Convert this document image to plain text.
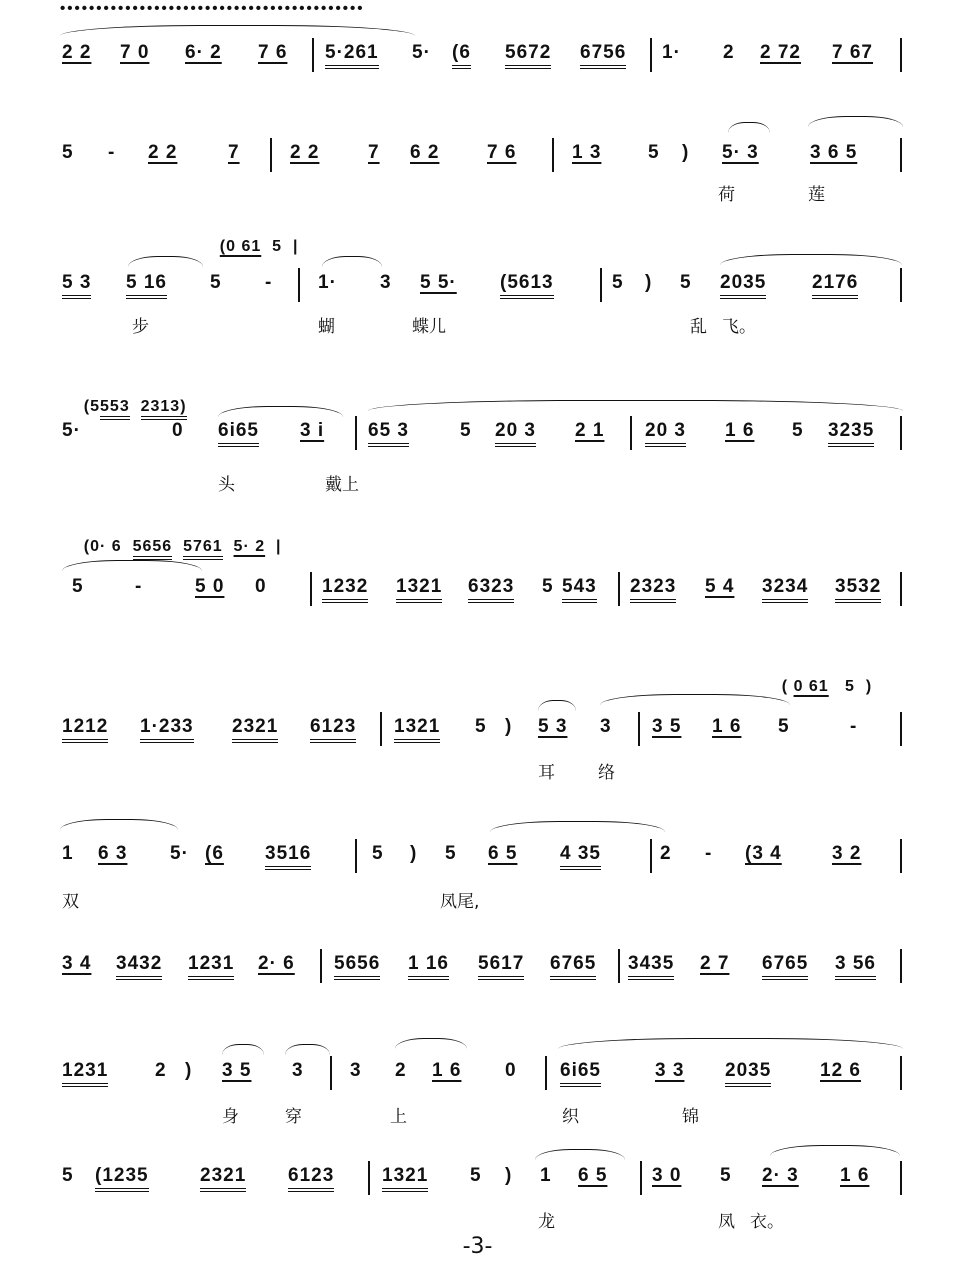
••••••••••••••••••••••••••••••••••••••••••
2 2 7 0 6· 2 7 6 5·261 5· (6 5672 6756 1· 2 2 72 7 67
5 - 2 2	7	2 2	7 6 2	7 6	1 3 5 ) 5· 3	3 6 5
荷	莲

(0 61 5 |

5 3 5 16 5 - 1· 3 5 5· (5613	5 ) 5 2035 2176
步	蝴	蝶儿	乱 飞。

(5553 2313)

5·	0 6i65 3 i 65 3	5 20 3 2 1 20 3 1 6 5 3235
头	戴上

(0· 6 5656 5761 5· 2 |

5	-	5 0 0	1232 1321 6323 5 543 2323 5 4 3234 3532

( 0 61 5 )

1212 1·233 2321 6123 1321 5 ) 5 3 3 3 5 1 6 5	-
耳	络
1 6 3 5· (6 3516	5 ) 5 6 5 4 35	2 - (3 4	3 2
双	凤尾,
3 4 3432 1231 2· 6 5656 1 16 5617 6765 3435 2 7 6765 3 56
1231 2 ) 3 5 3 3 2 1 6 0 6i65	3 3 2035	12 6
身	穿	上	织	锦
5 (1235	2321 6123	1321 5 ) 1 6 5 3 0 5 2· 3 1 6
龙	凤 衣。
-3-
